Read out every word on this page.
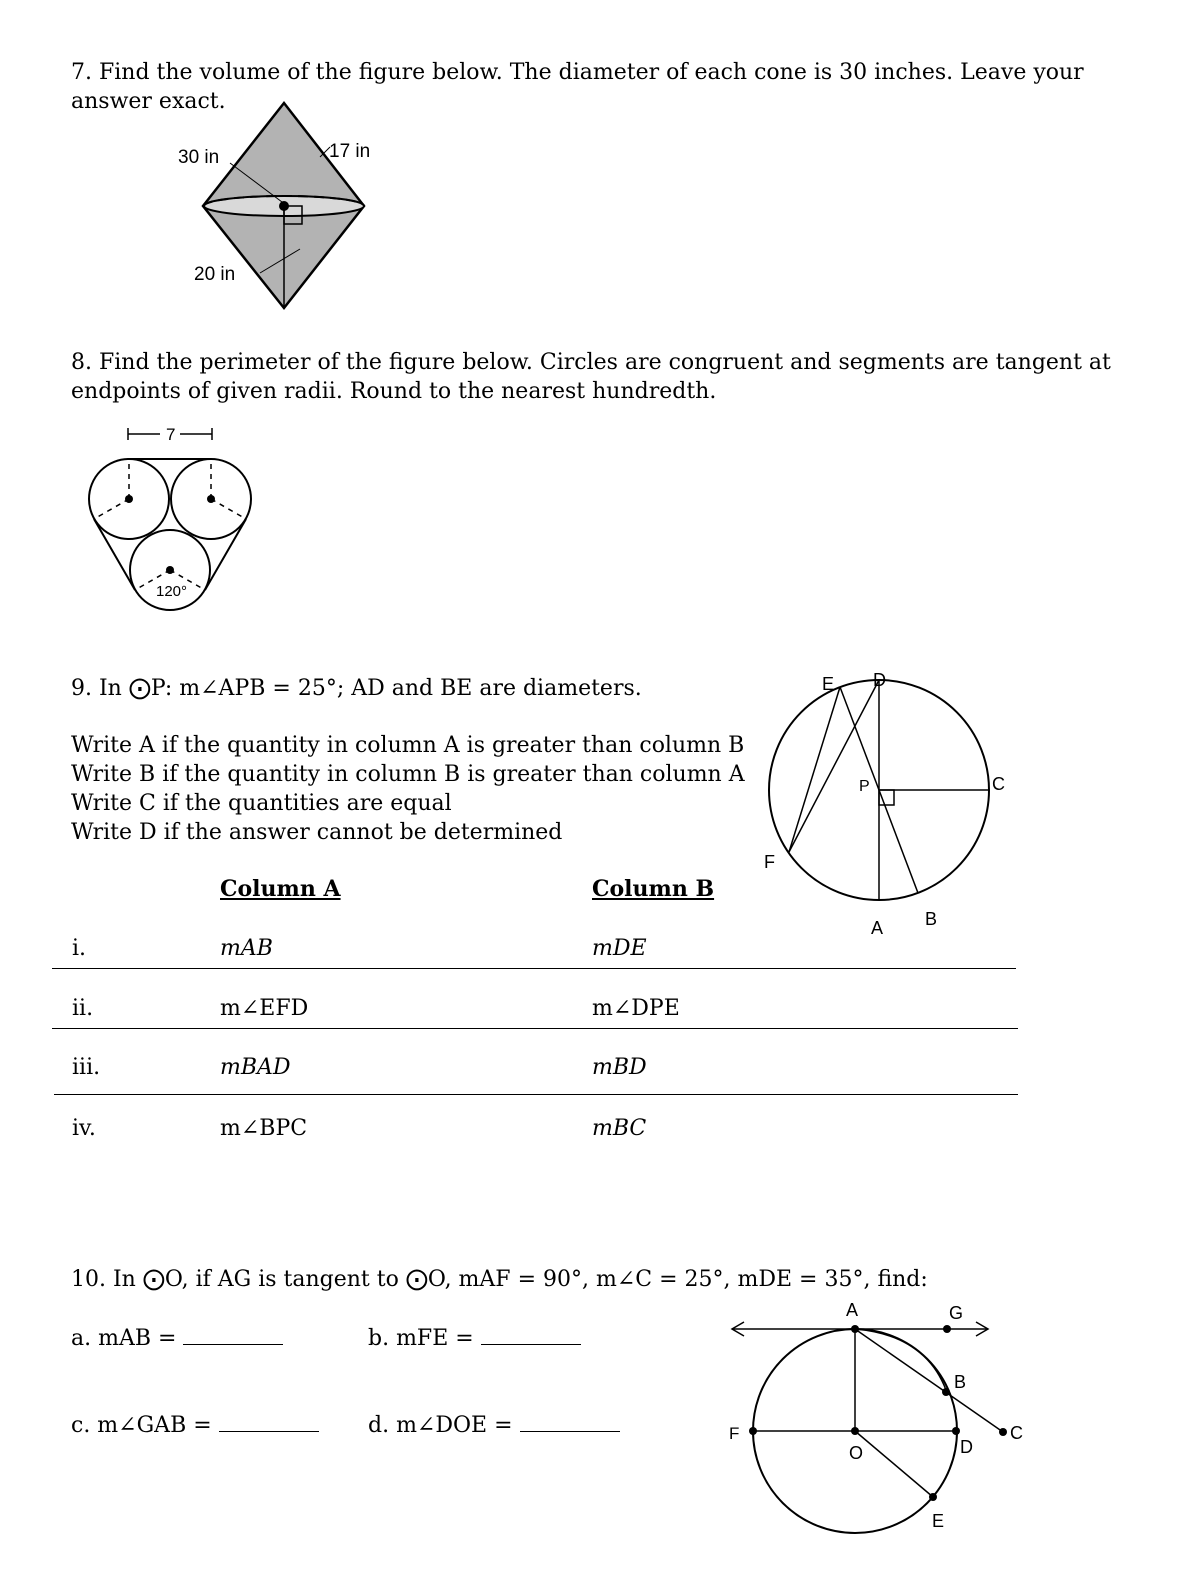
7. Find the volume of the figure below. The diameter of each cone is 30 inches. Leave your answer exact.
30 in	17 in
20 in
8. Find the perimeter of the figure below. Circles are congruent and segments are tangent at endpoints of given radii. Round to the nearest hundredth.
7
120°
9. In ⨀P: m∠APB = 25°; AD and BE are diameters.
Write A if the quantity in column A is greater than column B
Write B if the quantity in column B is greater than column A
Write C if the quantities are equal
Write D if the answer cannot be determined
Column A	Column B
i.	mAB	mDE
ii.	m∠EFD	m∠DPE
iii.	mBAD	mBD
iv.	m∠BPC	mBC
E D
P	C
F
A B
10. In ⨀O, if AG is tangent to ⨀O, mAF = 90°, m∠C = 25°, mDE = 35°, find:
a. mAB =	b. mFE =
c. m∠GAB =	d. m∠DOE =
A	G
B
F
O	D
C
E
